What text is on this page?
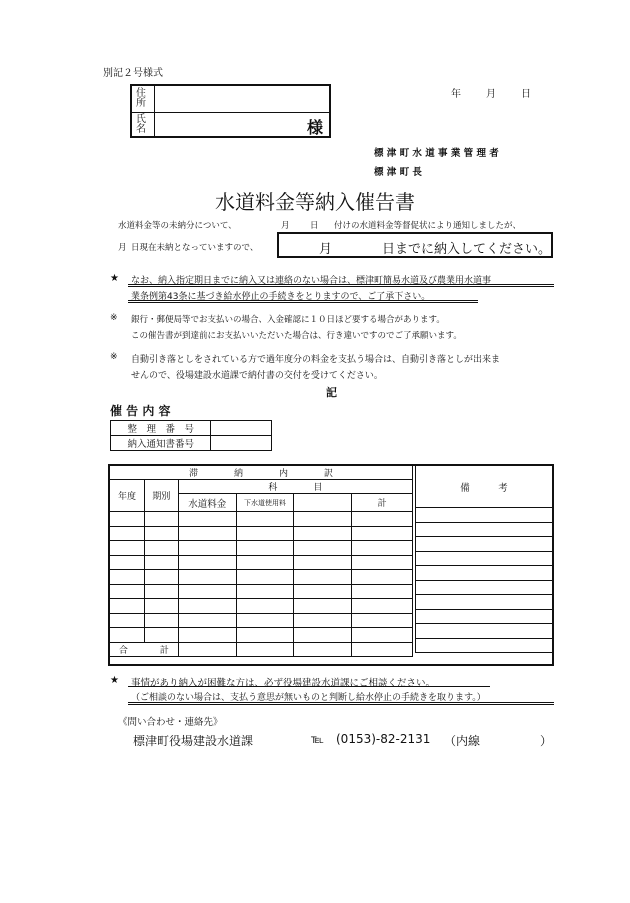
別記２号様式
年	月	日
住所
氏名	様
標 津 町 水 道 事 業 管 理 者
標 津 町 長
水道料金等納入催告書
水道料金等の未納分について、	月 日 付けの水道料金等督促状により通知しましたが、
月 日現在未納となっていますので、	月	日までに納入してください。
★ なお、納入指定期日までに納入又は連絡のない場合は、標津町簡易水道及び農業用水道事
業条例第43条に基づき給水停止の手続きをとりますので、ご了承下さい。
※ 銀行・郵便局等でお支払いの場合、入金確認に１０日ほど要する場合があります。
この催告書が到達前にお支払いいただいた場合は、行き違いですのでご了承願います。
※ 自動引き落としをされている方で過年度分の料金を支払う場合は、自動引き落としが出来ま
せんので、役場建設水道課で納付書の交付を受けてください。
記
催 告 内 容
整　理　番　号	
納入通知書番号	
滞　　　　納　　　　内　　　　訳					
年度	期別	科　　　　目			
		水道料金	下水道使用料		計

合 計					
備　　　考

★ 事情があり納入が困難な方は、必ず役場建設水道課にご相談ください。
（ご相談のない場合は、支払う意思が無いものと判断し給水停止の手続きを取ります。）
《問い合わせ・連絡先》
標津町役場建設水道課	℡ (0153)-82-2131 （内線	）
